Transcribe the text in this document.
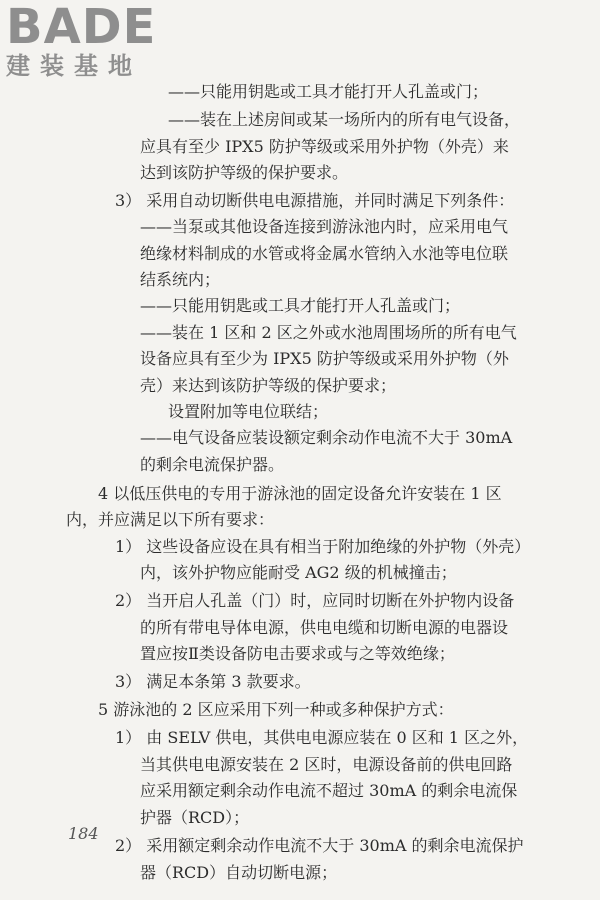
BADE
建装基地
——只能用钥匙或工具才能打开人孔盖或门；
——装在上述房间或某一场所内的所有电气设备，
应具有至少 IPX5 防护等级或采用外护物（外壳）来
达到该防护等级的保护要求。
3） 采用自动切断供电电源措施，并同时满足下列条件：
——当泵或其他设备连接到游泳池内时，应采用电气
绝缘材料制成的水管或将金属水管纳入水池等电位联
结系统内；
——只能用钥匙或工具才能打开人孔盖或门；
——装在 1 区和 2 区之外或水池周围场所的所有电气
设备应具有至少为 IPX5 防护等级或采用外护物（外
壳）来达到该防护等级的保护要求；
设置附加等电位联结；
——电气设备应装设额定剩余动作电流不大于 30mA
的剩余电流保护器。
4 以低压供电的专用于游泳池的固定设备允许安装在 1 区
内，并应满足以下所有要求：
1） 这些设备应设在具有相当于附加绝缘的外护物（外壳）
内，该外护物应能耐受 AG2 级的机械撞击；
2） 当开启人孔盖（门）时，应同时切断在外护物内设备
的所有带电导体电源，供电电缆和切断电源的电器设
置应按Ⅱ类设备防电击要求或与之等效绝缘；
3） 满足本条第 3 款要求。
5 游泳池的 2 区应采用下列一种或多种保护方式：
1） 由 SELV 供电，其供电电源应装在 0 区和 1 区之外，
当其供电电源安装在 2 区时，电源设备前的供电回路
应采用额定剩余动作电流不超过 30mA 的剩余电流保
护器（RCD）；
2） 采用额定剩余动作电流不大于 30mA 的剩余电流保护
器（RCD）自动切断电源；
184
